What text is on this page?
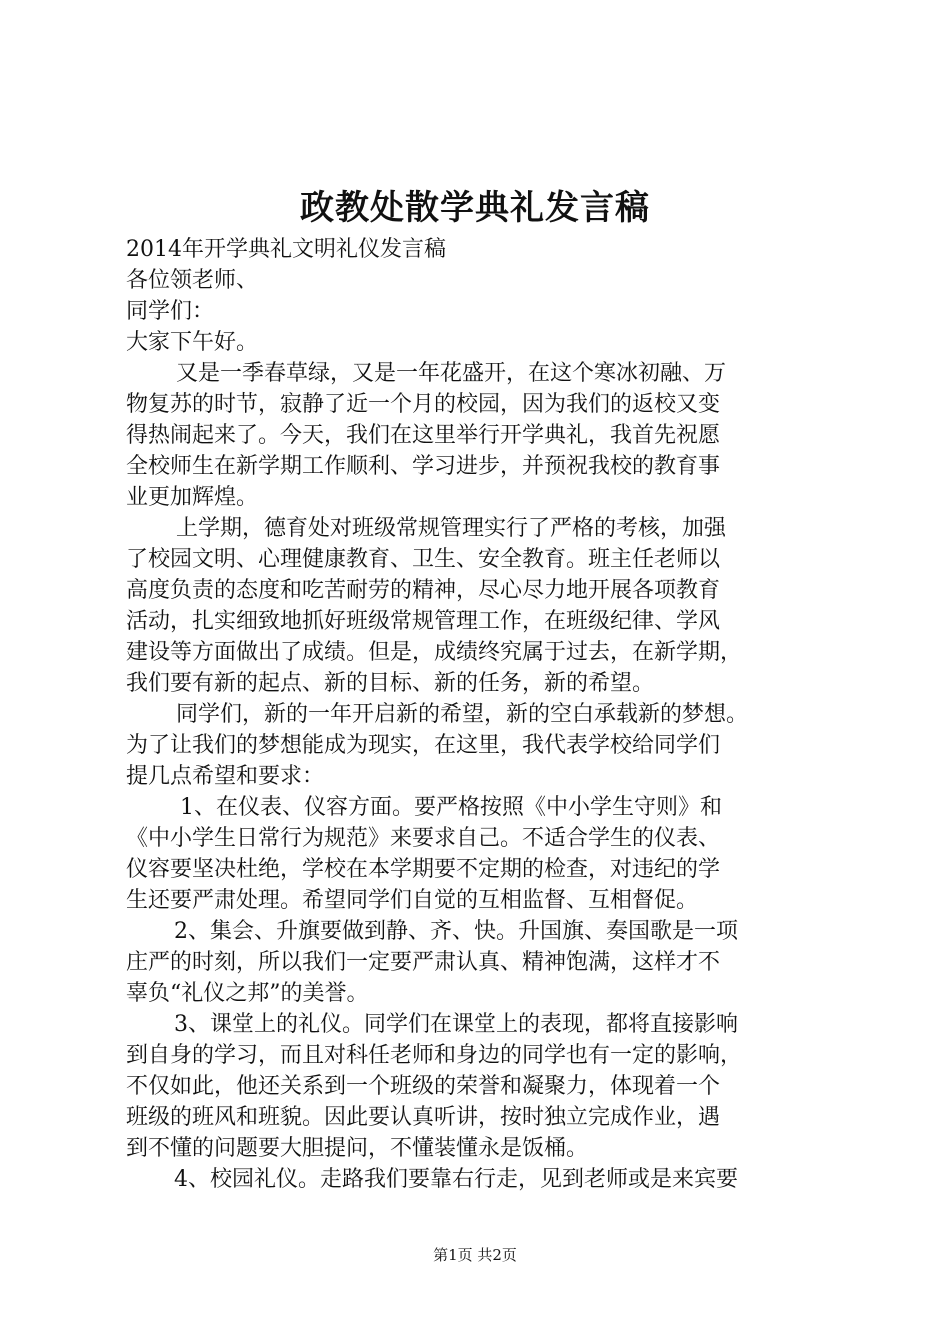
政教处散学典礼发言稿
2014年开学典礼文明礼仪发言稿
各位领老师、
同学们：
大家下午好。
又是一季春草绿，又是一年花盛开，在这个寒冰初融、万
物复苏的时节，寂静了近一个月的校园，因为我们的返校又变
得热闹起来了。今天，我们在这里举行开学典礼，我首先祝愿
全校师生在新学期工作顺利、学习进步，并预祝我校的教育事
业更加辉煌。
上学期，德育处对班级常规管理实行了严格的考核，加强
了校园文明、心理健康教育、卫生、安全教育。班主任老师以
高度负责的态度和吃苦耐劳的精神，尽心尽力地开展各项教育
活动，扎实细致地抓好班级常规管理工作，在班级纪律、学风
建设等方面做出了成绩。但是，成绩终究属于过去，在新学期，
我们要有新的起点、新的目标、新的任务，新的希望。
同学们，新的一年开启新的希望，新的空白承载新的梦想。
为了让我们的梦想能成为现实，在这里，我代表学校给同学们
提几点希望和要求：
1、在仪表、仪容方面。要严格按照《中小学生守则》和
《中小学生日常行为规范》来要求自己。不适合学生的仪表、
仪容要坚决杜绝，学校在本学期要不定期的检查，对违纪的学
生还要严肃处理。希望同学们自觉的互相监督、互相督促。
2、集会、升旗要做到静、齐、快。升国旗、奏国歌是一项
庄严的时刻，所以我们一定要严肃认真、精神饱满，这样才不
辜负“礼仪之邦”的美誉。
3、课堂上的礼仪。同学们在课堂上的表现，都将直接影响
到自身的学习，而且对科任老师和身边的同学也有一定的影响，
不仅如此，他还关系到一个班级的荣誉和凝聚力，体现着一个
班级的班风和班貌。因此要认真听讲，按时独立完成作业，遇
到不懂的问题要大胆提问，不懂装懂永是饭桶。
4、校园礼仪。走路我们要靠右行走，见到老师或是来宾要
第1页 共2页
